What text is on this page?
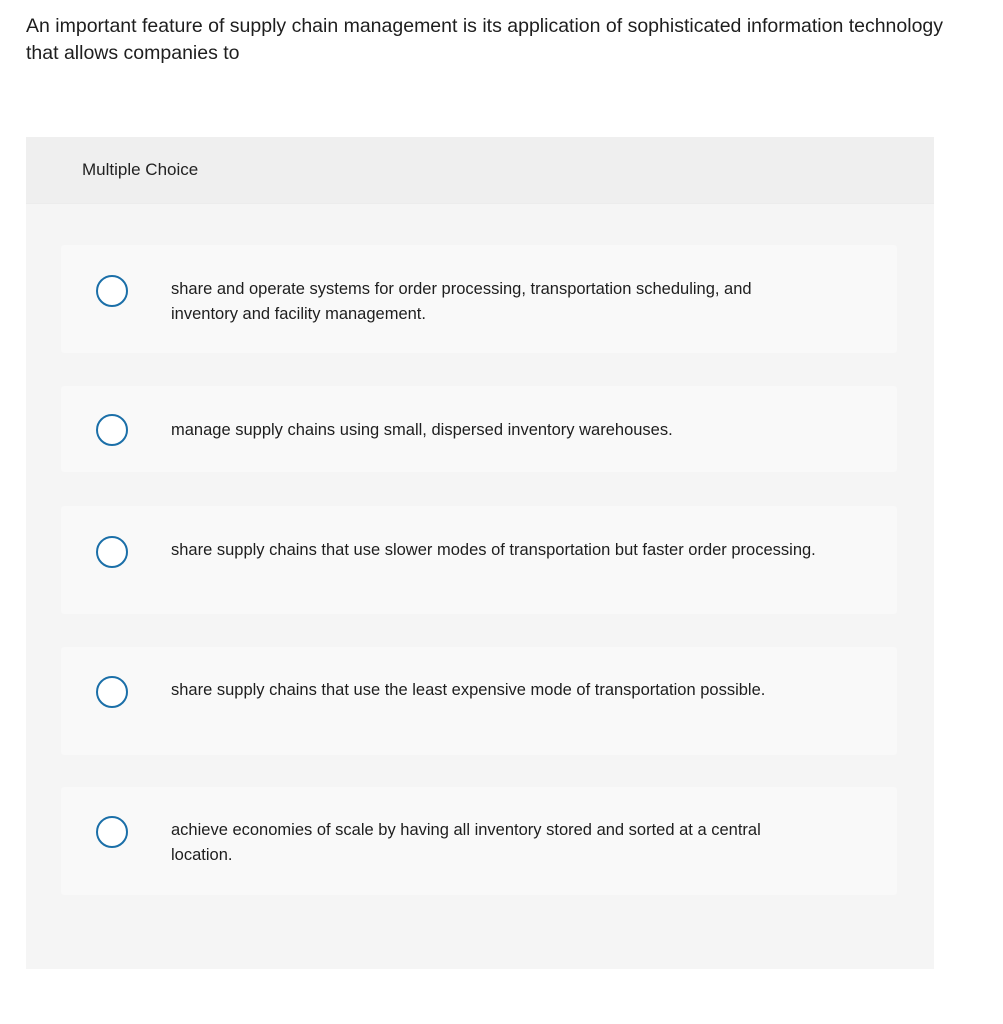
An important feature of supply chain management is its application of sophisticated information technology that allows companies to

Multiple Choice
share and operate systems for order processing, transportation scheduling, and inventory and facility management.
manage supply chains using small, dispersed inventory warehouses.
share supply chains that use slower modes of transportation but faster order processing.
share supply chains that use the least expensive mode of transportation possible.
achieve economies of scale by having all inventory stored and sorted at a central location.
